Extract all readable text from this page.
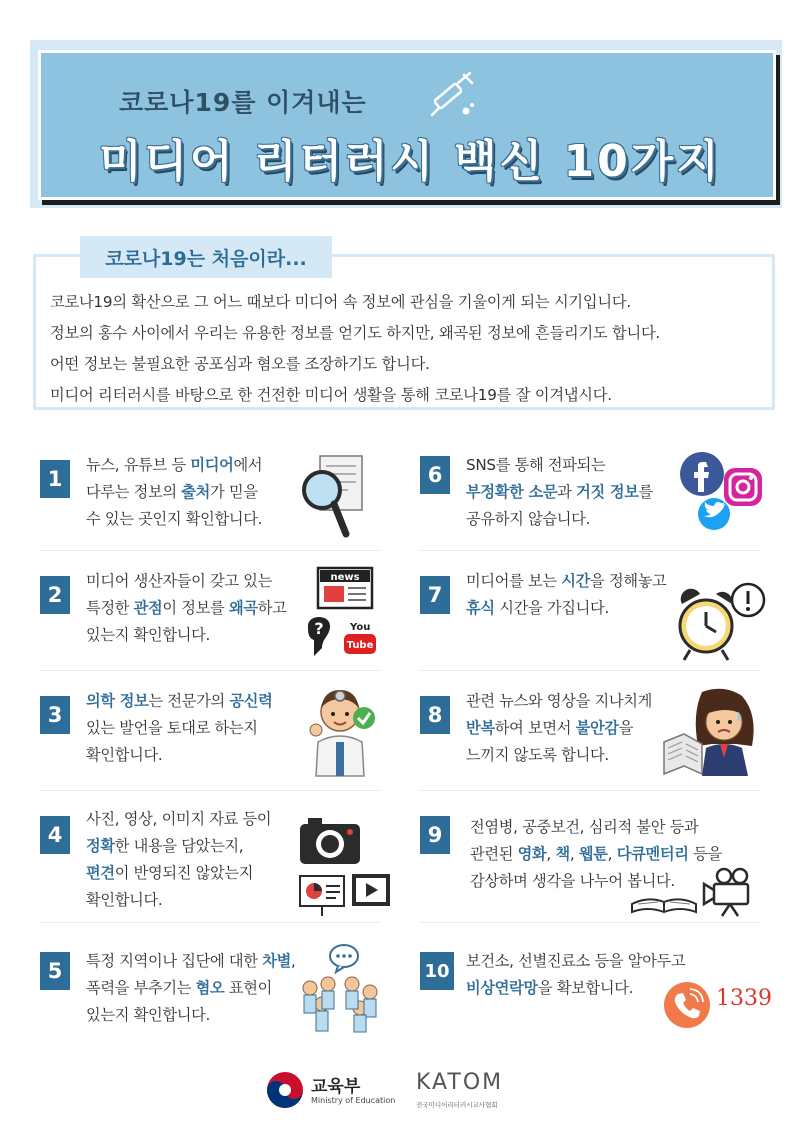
코로나19를 이겨내는
미디어 리터러시 백신 10가지
코로나19는 처음이라...

코로나19의 확산으로 그 어느 때보다 미디어 속 정보에 관심을 기울이게 되는 시기입니다.

정보의 홍수 사이에서 우리는 유용한 정보를 얻기도 하지만, 왜곡된 정보에 흔들리기도 합니다.

어떤 정보는 불필요한 공포심과 혐오를 조장하기도 합니다.

미디어 리터러시를 바탕으로 한 건전한 미디어 생활을 통해 코로나19를 잘 이겨냅시다.

1

뉴스, 유튜브 등 미디어에서

다루는 정보의 출처가 믿을

수 있는 곳인지 확인합니다.

2

미디어 생산자들이 갖고 있는

특정한 관점이 정보를 왜곡하고

있는지 확인합니다.

news
?	You
Tube
3

의학 정보는 전문가의 공신력

있는 발언을 토대로 하는지

확인합니다.

4

사진, 영상, 이미지 자료 등이

정확한 내용을 담았는지,

편견이 반영되진 않았는지

확인합니다.

5	특정 지역이나 집단에 대한 차별,

폭력을 부추기는 혐오 표현이

있는지 확인합니다.

6	SNS를 통해 전파되는

부정확한 소문과 거짓 정보를

공유하지 않습니다.

7

미디어를 보는 시간을 정해놓고

휴식 시간을 가집니다.

8

관련 뉴스와 영상을 지나치게

반복하여 보면서 불안감을

느끼지 않도록 합니다.

9	전염병, 공중보건, 심리적 불안 등과

관련된 영화, 책, 웹툰, 다큐멘터리 등을

감상하며 생각을 나누어 봅니다.

10 보건소, 선별진료소 등을 알아두고

비상연락망을 확보합니다.	1339
교육부
Ministry of Education
KATOM
전국미디어리터러시교사협회
